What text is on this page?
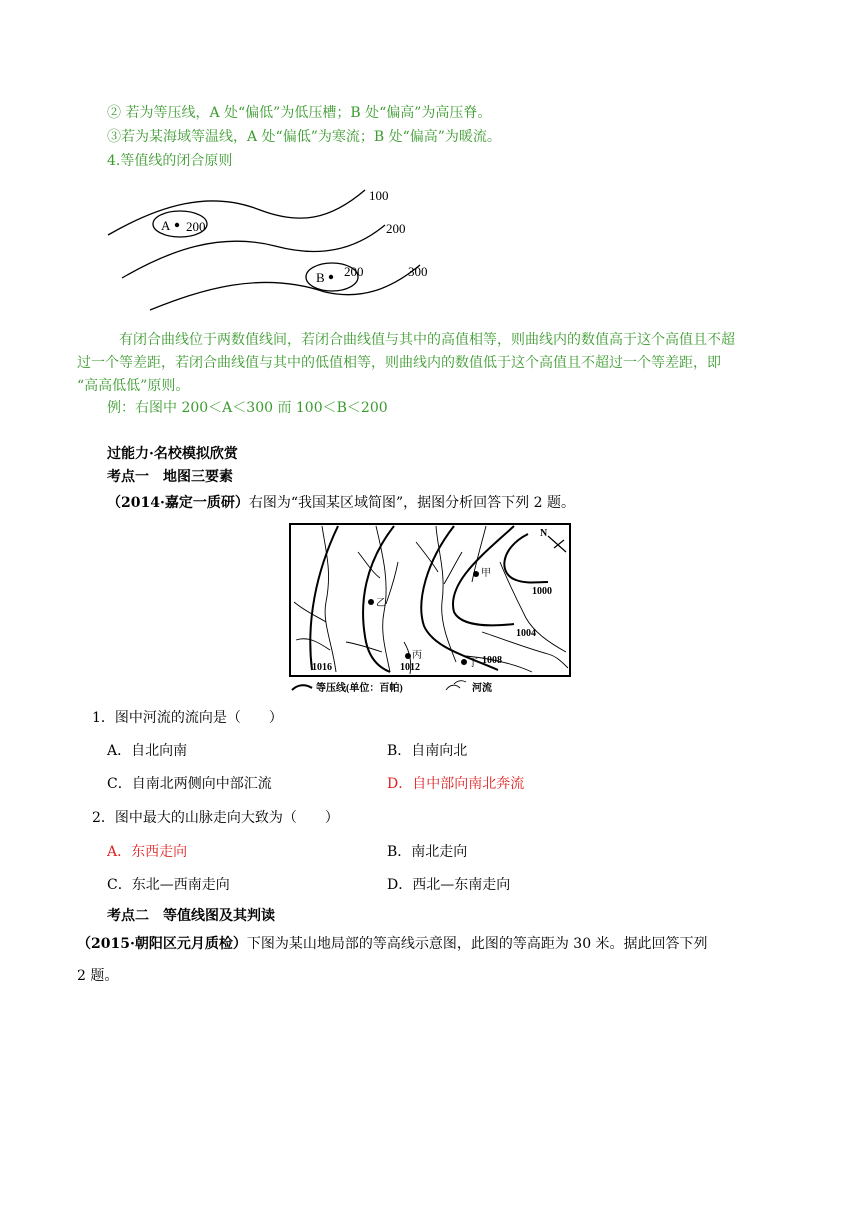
② 若为等压线，A 处“偏低”为低压槽；B 处“偏高”为高压脊。
③若为某海域等温线，A 处“偏低”为寒流；B 处“偏高”为暖流。
4.等值线的闭合原则
A 200
B 200
100
200
300
有闭合曲线位于两数值线间，若闭合曲线值与其中的高值相等，则曲线内的数值高于这个高值且不超
过一个等差距，若闭合曲线值与其中的低值相等，则曲线内的数值低于这个高值且不超过一个等差距，即
“高高低低”原则。
例：右图中 200＜A＜300 而 100＜B＜200
过能力·名校模拟欣赏
考点一　地图三要素
（2014·嘉定一质研）右图为“我国某区域简图”，据图分析回答下列 2 题。
N
甲
乙
丙
丁
1000
1004
1008
1012
1016
等压线(单位：百帕)	河流
1．图中河流的流向是（　　）
A．自北向南	B．自南向北
C．自南北两侧向中部汇流	D．自中部向南北奔流
2．图中最大的山脉走向大致为（　　）
A．东西走向	B．南北走向
C．东北—西南走向	D．西北—东南走向
考点二　等值线图及其判读
（2015·朝阳区元月质检）下图为某山地局部的等高线示意图，此图的等高距为 30 米。据此回答下列
2 题。
